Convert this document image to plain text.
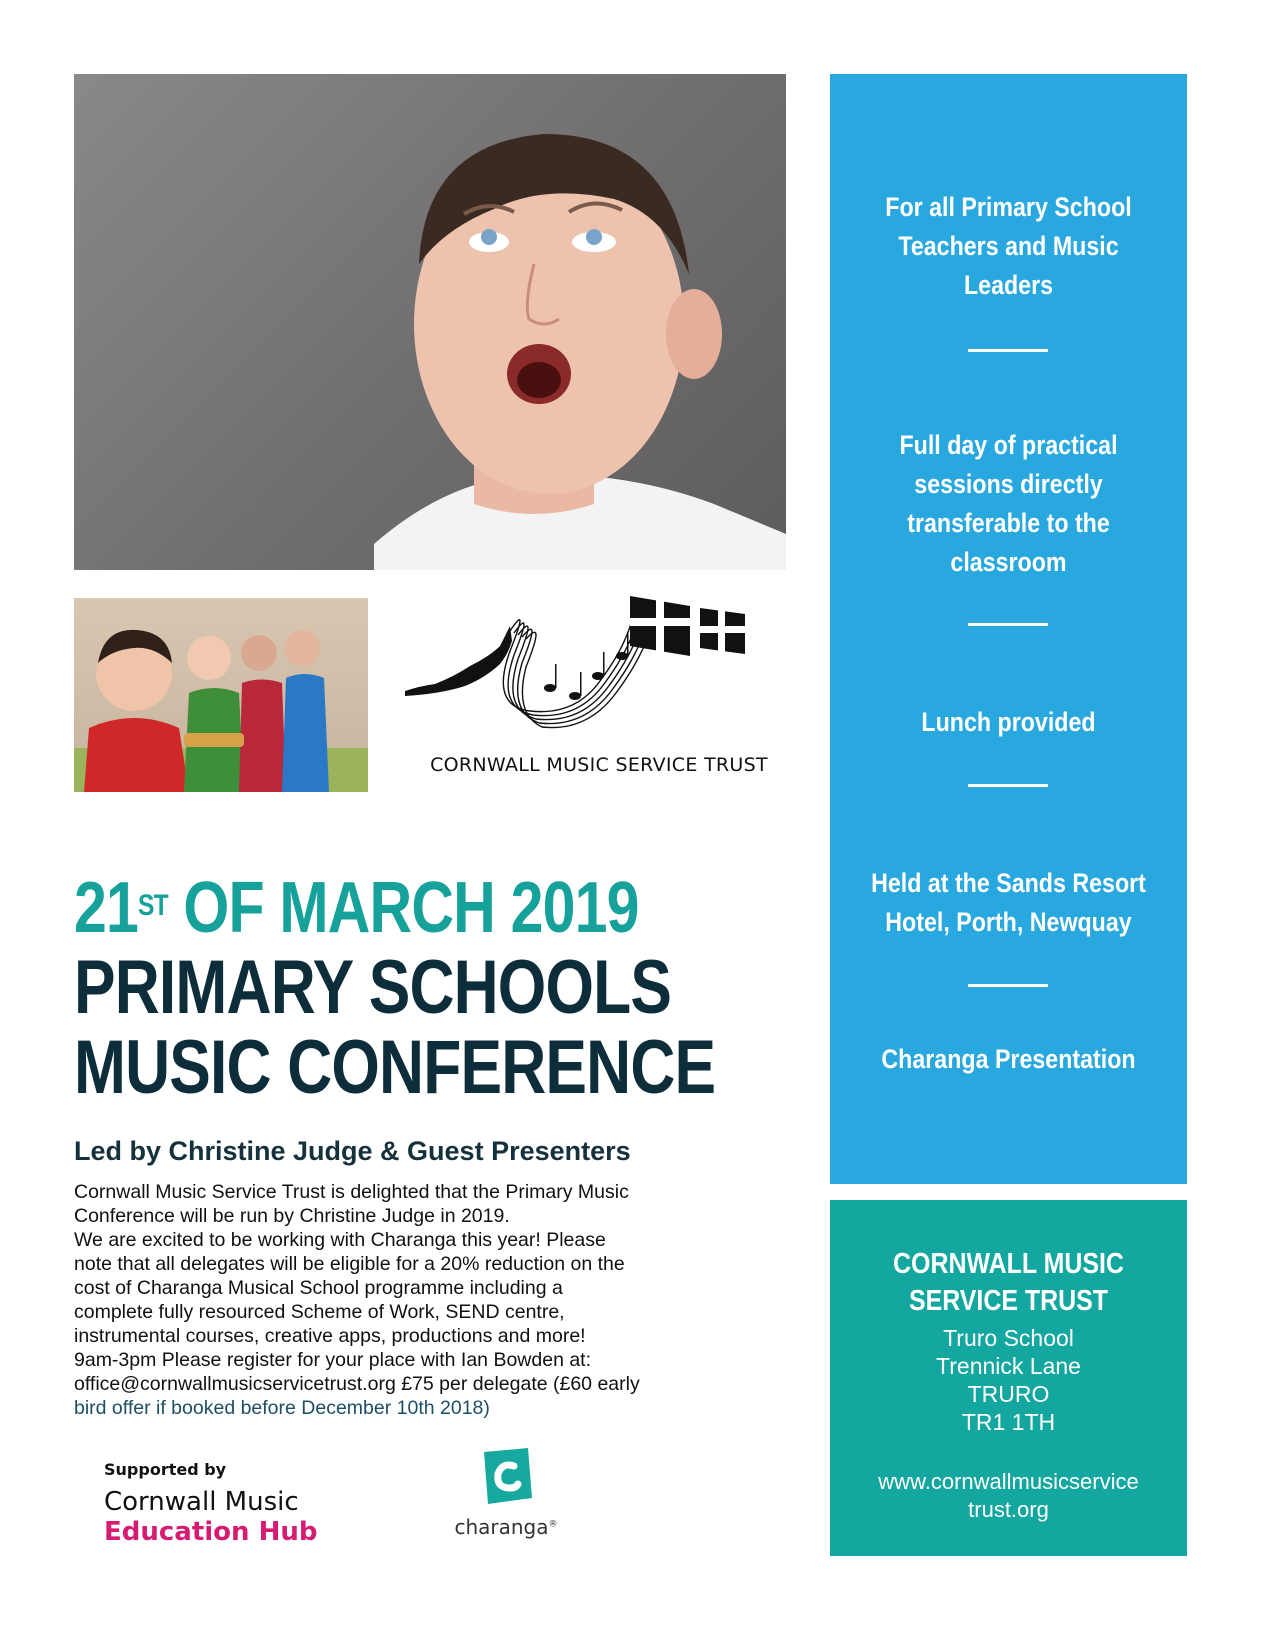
CORNWALL MUSIC SERVICE TRUST
21ST OF MARCH 2019
PRIMARY SCHOOLS
MUSIC CONFERENCE
Led by Christine Judge & Guest Presenters
Cornwall Music Service Trust is delighted that the Primary Music
Conference will be run by Christine Judge in 2019.
We are excited to be working with Charanga this year! Please
note that all delegates will be eligible for a 20% reduction on the
cost of Charanga Musical School programme including a
complete fully resourced Scheme of Work, SEND centre,
instrumental courses, creative apps, productions and more!
9am-3pm Please register for your place with Ian Bowden at:
office@cornwallmusicservicetrust.org £75 per delegate (£60 early
bird offer if booked before December 10th 2018)
Supported by
Cornwall Music
Education Hub	charanga®
For all Primary School
Teachers and Music
Leaders
Full day of practical
sessions directly
transferable to the
classroom
Lunch provided
Held at the Sands Resort
Hotel, Porth, Newquay
Charanga Presentation
CORNWALL MUSIC
SERVICE TRUST
Truro School
Trennick Lane
TRURO
TR1 1TH
www.cornwallmusicservice
trust.org
